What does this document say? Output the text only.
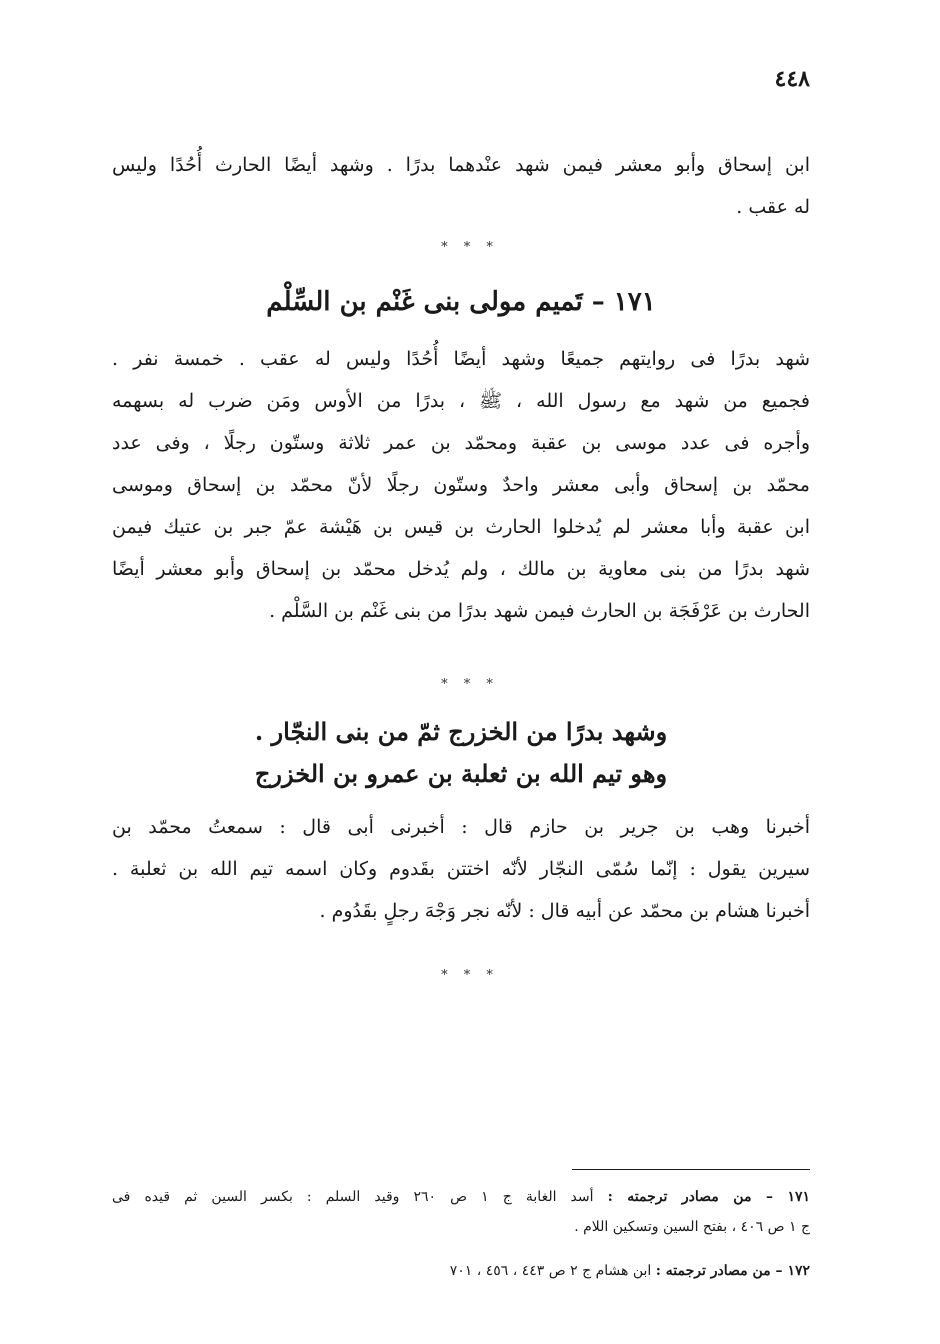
٤٤٨
ابن إسحاق وأبو معشر فيمن شهد عنْدهما بدرًا . وشهد أيضًا الحارث أُحُدًا وليس
له عقب .
* * *
١٧١ – تَميم مولى بنى غَنْم بن السِّلْم
شهد بدرًا فى روايتهم جميعًا وشهد أيضًا أُحُدًا وليس له عقب . خمسة نفر .
فجميع من شهد مع رسول الله ، ﷺ ، بدرًا من الأوس ومَن ضرب له بسهمه
وأجره فى عدد موسى بن عقبة ومحمّد بن عمر ثلاثة وستّون رجلًا ، وفى عدد
محمّد بن إسحاق وأبى معشر واحدٌ وستّون رجلًا لأنّ محمّد بن إسحاق وموسى
ابن عقبة وأبا معشر لم يُدخلوا الحارث بن قيس بن هَيْشة عمّ جبر بن عتيك فيمن
شهد بدرًا من بنى معاوية بن مالك ، ولم يُدخل محمّد بن إسحاق وأبو معشر أيضًا
الحارث بن عَرْفَجَة بن الحارث فيمن شهد بدرًا من بنى غَنْم بن السَّلْم .
* * *
وشهد بدرًا من الخزرج ثمّ من بنى النجّار .
وهو تيم الله بن ثعلبة بن عمرو بن الخزرج
أخبرنا وهب بن جرير بن حازم قال : أخبرنى أبى قال : سمعتُ محمّد بن
سيرين يقول : إنّما سُمّى النجّار لأنّه اختتن بقَدوم وكان اسمه تيم الله بن ثعلبة .
أخبرنا هشام بن محمّد عن أبيه قال : لأنّه نجر وَجْهَ رجلٍ بقَدُوم .
* * *
١٧١ – من مصادر ترجمته : أسد الغابة ج ١ ص ٢٦٠ وقيد السلم : بكسر السين ثم قيده فى
ج ١ ص ٤٠٦ ، بفتح السين وتسكين اللام .
١٧٢ – من مصادر ترجمته : ابن هشام ج ٢ ص ٤٤٣ ، ٤٥٦ ، ٧٠١
